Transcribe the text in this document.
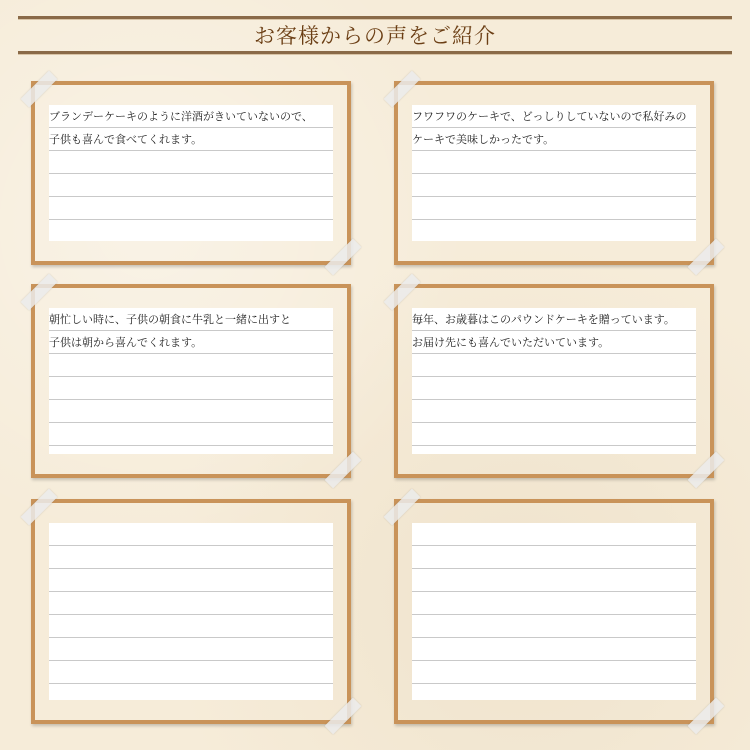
お客様からの声をご紹介
ブランデーケーキのように洋酒がきいていないので、
子供も喜んで食べてくれます。
フワフワのケーキで、どっしりしていないので私好みの
ケーキで美味しかったです。
朝忙しい時に、子供の朝食に牛乳と一緒に出すと
子供は朝から喜んでくれます。
毎年、お歳暮はこのパウンドケーキを贈っています。
お届け先にも喜んでいただいています。
